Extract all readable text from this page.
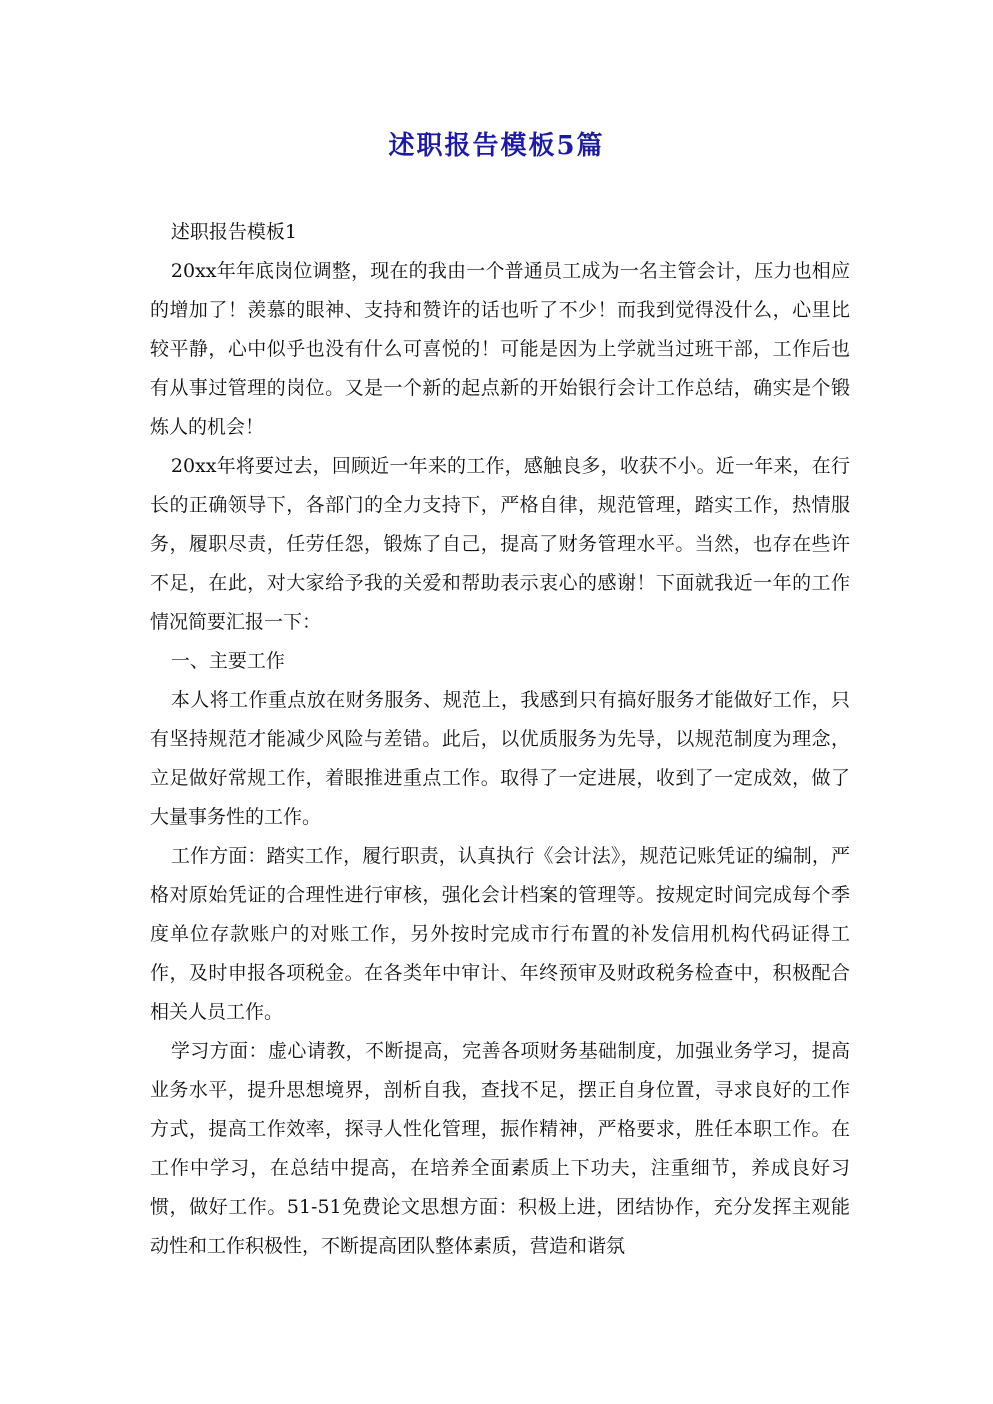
述职报告模板5篇

述职报告模板1

20xx年年底岗位调整，现在的我由一个普通员工成为一名主管会计，压力也相应的增加了！羡慕的眼神、支持和赞许的话也听了不少！而我到觉得没什么，心里比较平静，心中似乎也没有什么可喜悦的！可能是因为上学就当过班干部，工作后也有从事过管理的岗位。又是一个新的起点新的开始银行会计工作总结，确实是个锻炼人的机会！

20xx年将要过去，回顾近一年来的工作，感触良多，收获不小。近一年来，在行长的正确领导下，各部门的全力支持下，严格自律，规范管理，踏实工作，热情服务，履职尽责，任劳任怨，锻炼了自己，提高了财务管理水平。当然，也存在些许不足，在此，对大家给予我的关爱和帮助表示衷心的感谢！下面就我近一年的工作情况简要汇报一下：

一、主要工作

本人将工作重点放在财务服务、规范上，我感到只有搞好服务才能做好工作，只有坚持规范才能减少风险与差错。此后，以优质服务为先导，以规范制度为理念，立足做好常规工作，着眼推进重点工作。取得了一定进展，收到了一定成效，做了大量事务性的工作。

工作方面：踏实工作，履行职责，认真执行《会计法》，规范记账凭证的编制，严格对原始凭证的合理性进行审核，强化会计档案的管理等。按规定时间完成每个季度单位存款账户的对账工作，另外按时完成市行布置的补发信用机构代码证得工作，及时申报各项税金。在各类年中审计、年终预审及财政税务检查中，积极配合相关人员工作。

学习方面：虚心请教，不断提高，完善各项财务基础制度，加强业务学习，提高业务水平，提升思想境界，剖析自我，查找不足，摆正自身位置，寻求良好的工作方式，提高工作效率，探寻人性化管理，振作精神，严格要求，胜任本职工作。在工作中学习，在总结中提高，在培养全面素质上下功夫，注重细节，养成良好习惯，做好工作。51-51免费论文思想方面：积极上进，团结协作，充分发挥主观能动性和工作积极性，不断提高团队整体素质，营造和谐氛
